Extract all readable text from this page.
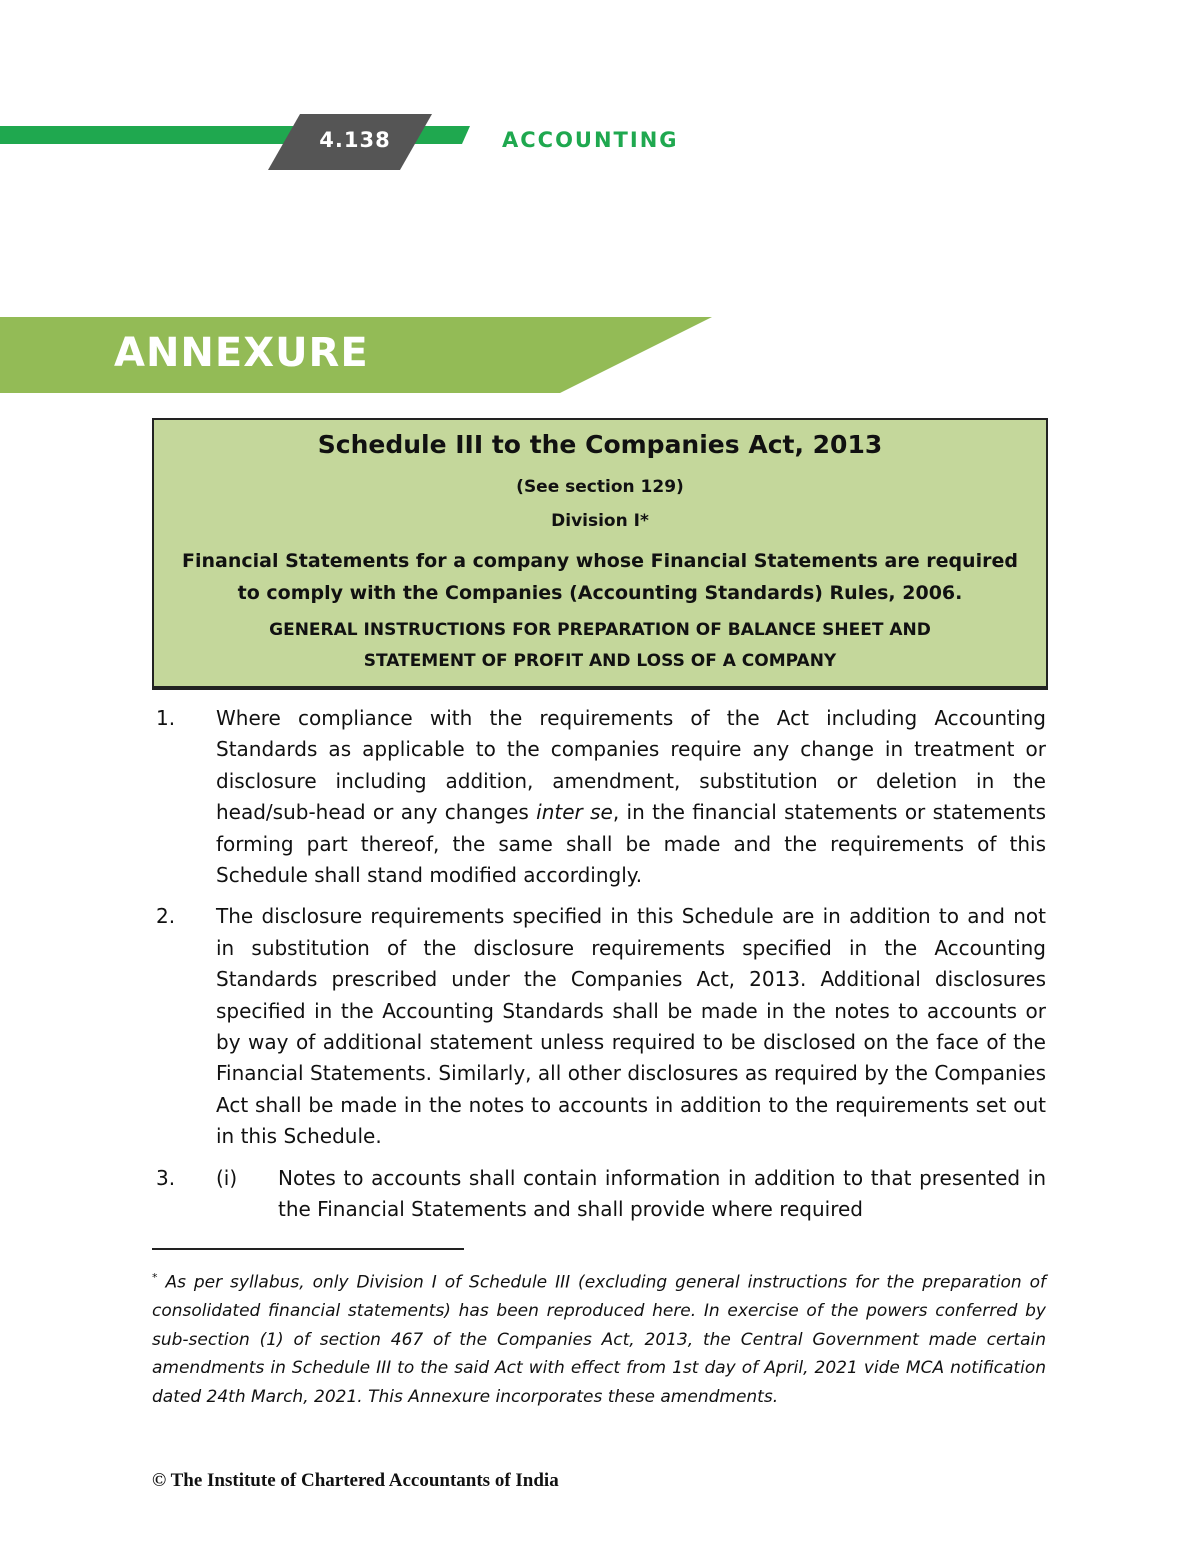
4.138	ACCOUNTING
ANNEXURE
Schedule III to the Companies Act, 2013
(See section 129)
Division I*
Financial Statements for a company whose Financial Statements are required to comply with the Companies (Accounting Standards) Rules, 2006.
GENERAL INSTRUCTIONS FOR PREPARATION OF BALANCE SHEET AND
STATEMENT OF PROFIT AND LOSS OF A COMPANY
1. Where compliance with the requirements of the Act including Accounting Standards as applicable to the companies require any change in treatment or disclosure including addition, amendment, substitution or deletion in the head/sub-head or any changes inter se, in the financial statements or statements forming part thereof, the same shall be made and the requirements of this Schedule shall stand modified accordingly.
2. The disclosure requirements specified in this Schedule are in addition to and not in substitution of the disclosure requirements specified in the Accounting Standards prescribed under the Companies Act, 2013. Additional disclosures specified in the Accounting Standards shall be made in the notes to accounts or by way of additional statement unless required to be disclosed on the face of the Financial Statements. Similarly, all other disclosures as required by the Companies Act shall be made in the notes to accounts in addition to the requirements set out in this Schedule.
3. (i) Notes to accounts shall contain information in addition to that presented in the Financial Statements and shall provide where required
* As per syllabus, only Division I of Schedule III (excluding general instructions for the preparation of consolidated financial statements) has been reproduced here. In exercise of the powers conferred by sub-section (1) of section 467 of the Companies Act, 2013, the Central Government made certain amendments in Schedule III to the said Act with effect from 1st day of April, 2021 vide MCA notification dated 24th March, 2021. This Annexure incorporates these amendments.
© The Institute of Chartered Accountants of India
